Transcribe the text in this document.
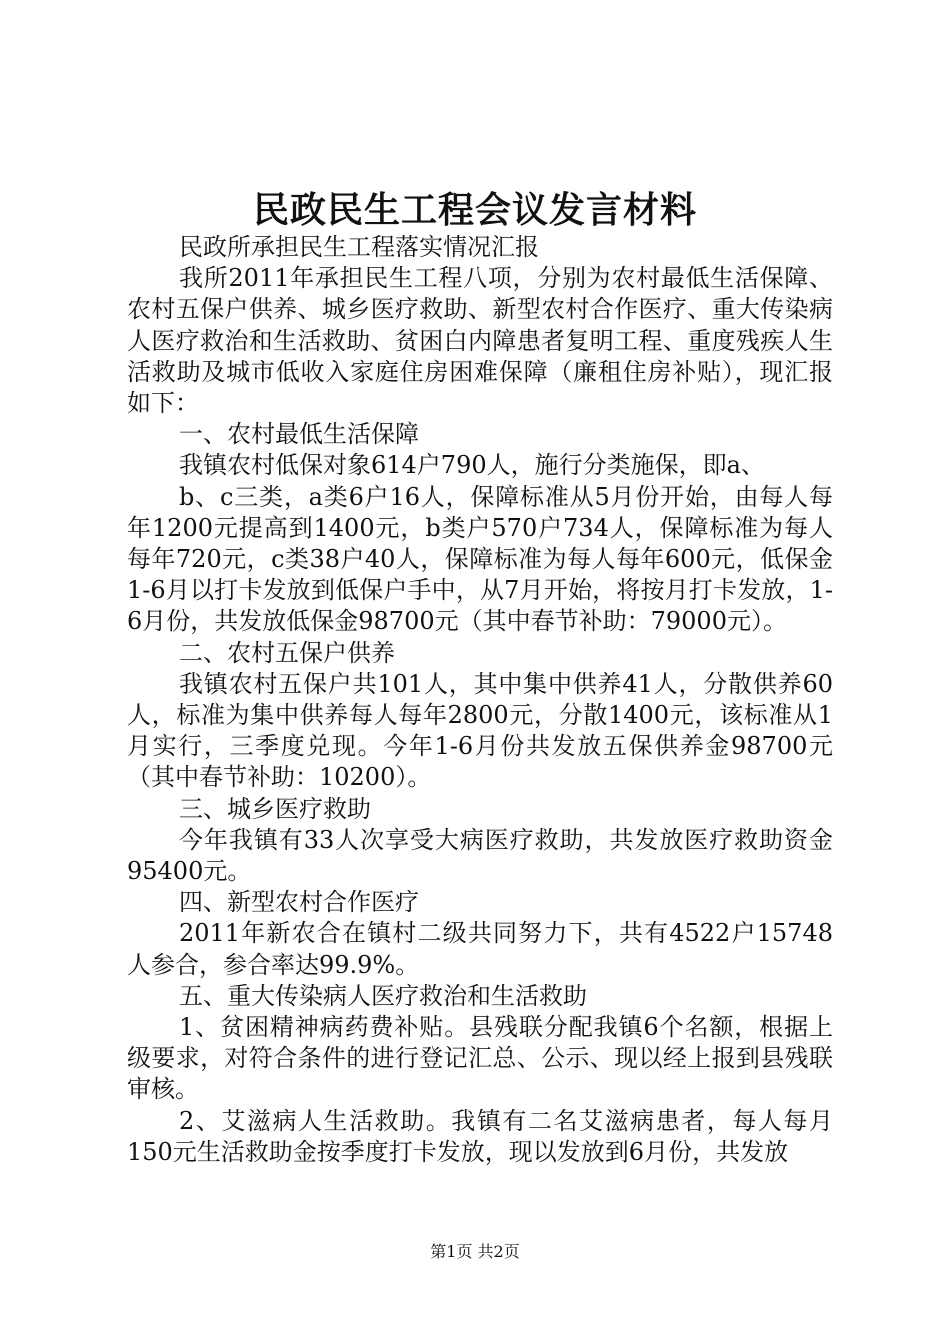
民政民生工程会议发言材料

民政所承担民生工程落实情况汇报

我所2011年承担民生工程八项，分别为农村最低生活保障、农村五保户供养、城乡医疗救助、新型农村合作医疗、重大传染病人医疗救治和生活救助、贫困白内障患者复明工程、重度残疾人生活救助及城市低收入家庭住房困难保障（廉租住房补贴），现汇报如下：

一、农村最低生活保障

我镇农村低保对象614户790人，施行分类施保，即a、

b、c三类，a类6户16人，保障标准从5月份开始，由每人每年1200元提高到1400元，b类户570户734人，保障标准为每人每年720元，c类38户40人，保障标准为每人每年600元，低保金1-6月以打卡发放到低保户手中，从7月开始，将按月打卡发放，1-6月份，共发放低保金98700元（其中春节补助：79000元）。

二、农村五保户供养

我镇农村五保户共101人，其中集中供养41人，分散供养60人，标准为集中供养每人每年2800元，分散1400元，该标准从1月实行，三季度兑现。今年1-6月份共发放五保供养金98700元（其中春节补助：10200）。

三、城乡医疗救助

今年我镇有33人次享受大病医疗救助，共发放医疗救助资金95400元。

四、新型农村合作医疗

2011年新农合在镇村二级共同努力下，共有4522户15748人参合，参合率达99.9%。

五、重大传染病人医疗救治和生活救助

1、贫困精神病药费补贴。县残联分配我镇6个名额，根据上级要求，对符合条件的进行登记汇总、公示、现以经上报到县残联审核。

2、艾滋病人生活救助。我镇有二名艾滋病患者，每人每月150元生活救助金按季度打卡发放，现以发放到6月份，共发放

第1页 共2页
